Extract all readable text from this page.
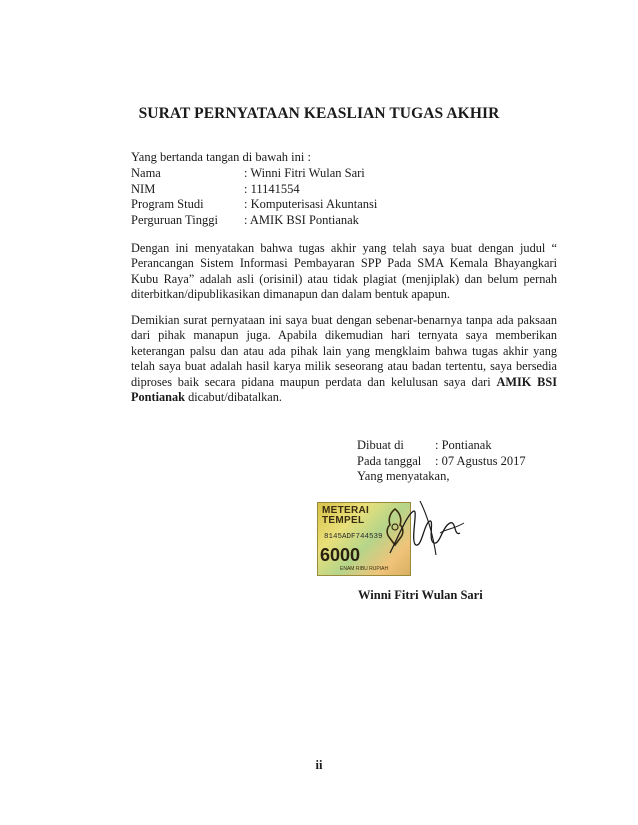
SURAT PERNYATAAN KEASLIAN TUGAS AKHIR
Yang bertanda tangan di bawah ini :
Nama	: Winni Fitri Wulan Sari
NIM	: 11141554
Program Studi	: Komputerisasi Akuntansi
Perguruan Tinggi	: AMIK BSI Pontianak

Dengan ini menyatakan bahwa tugas akhir yang telah saya buat dengan judul “ Perancangan Sistem Informasi Pembayaran SPP Pada SMA Kemala Bhayangkari Kubu Raya” adalah asli (orisinil) atau tidak plagiat (menjiplak) dan belum pernah diterbitkan/dipublikasikan dimanapun dan dalam bentuk apapun.

Demikian surat pernyataan ini saya buat dengan sebenar-benarnya tanpa ada paksaan dari pihak manapun juga. Apabila dikemudian hari ternyata saya memberikan keterangan palsu dan atau ada pihak lain yang mengklaim bahwa tugas akhir yang telah saya buat adalah hasil karya milik seseorang atau badan tertentu, saya bersedia diproses baik secara pidana maupun perdata dan kelulusan saya dari AMIK BSI Pontianak dicabut/dibatalkan.

Dibuat di	: Pontianak
Pada tanggal	: 07 Agustus 2017
Yang menyatakan,
METERAI
TEMPEL
8145ADF744539
6000
ENAM RIBU RUPIAH
Winni Fitri Wulan Sari
ii
